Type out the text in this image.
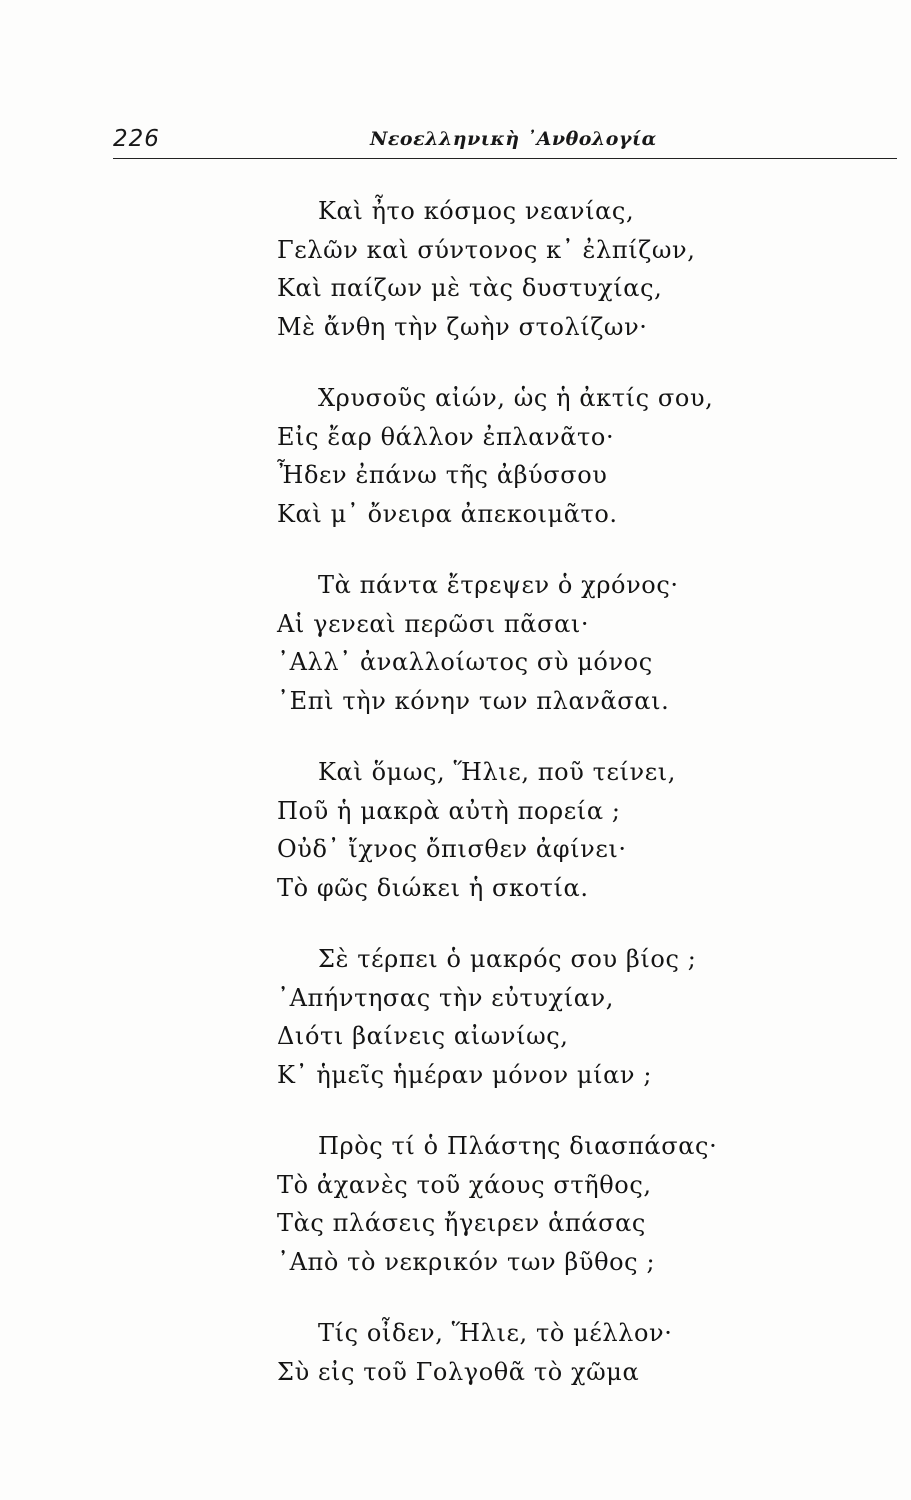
226	Νεοελληνικὴ ᾿Ανθολογία
Καὶ ἦτο κόσμος νεανίας,
Γελῶν καὶ σύντονος κ᾿ ἐλπίζων,
Καὶ παίζων μὲ τὰς δυστυχίας,
Μὲ ἄνθη τὴν ζωὴν στολίζων·
Χρυσοῦς αἰών, ὡς ἡ ἀκτίς σου,
Εἰς ἔαρ θάλλον ἐπλανᾶτο·
Ἦδεν ἐπάνω τῆς ἀβύσσου
Καὶ μ᾿ ὄνειρα ἀπεκοιμᾶτο.
Τὰ πάντα ἔτρεψεν ὁ χρόνος·
Αἱ γενεαὶ περῶσι πᾶσαι·
᾿Αλλ᾿ ἀναλλοίωτος σὺ μόνος
᾿Επὶ τὴν κόνην των πλανᾶσαι.
Καὶ ὅμως, Ἥλιε, ποῦ τείνει,
Ποῦ ἡ μακρὰ αὐτὴ πορεία ;
Οὐδ᾿ ἴχνος ὄπισθεν ἀφίνει·
Τὸ φῶς διώκει ἡ σκοτία.
Σὲ τέρπει ὁ μακρός σου βίος ;
᾿Απήντησας τὴν εὐτυχίαν,
Διότι βαίνεις αἰωνίως,
Κ᾿ ἡμεῖς ἡμέραν μόνον μίαν ;
Πρὸς τί ὁ Πλάστης διασπάσας·
Τὸ ἀχανὲς τοῦ χάους στῆθος,
Τὰς πλάσεις ἤγειρεν ἁπάσας
᾿Απὸ τὸ νεκρικόν των βῦθος ;
Τίς οἶδεν, Ἥλιε, τὸ μέλλον·
Σὺ εἰς τοῦ Γολγοθᾶ τὸ χῶμα
